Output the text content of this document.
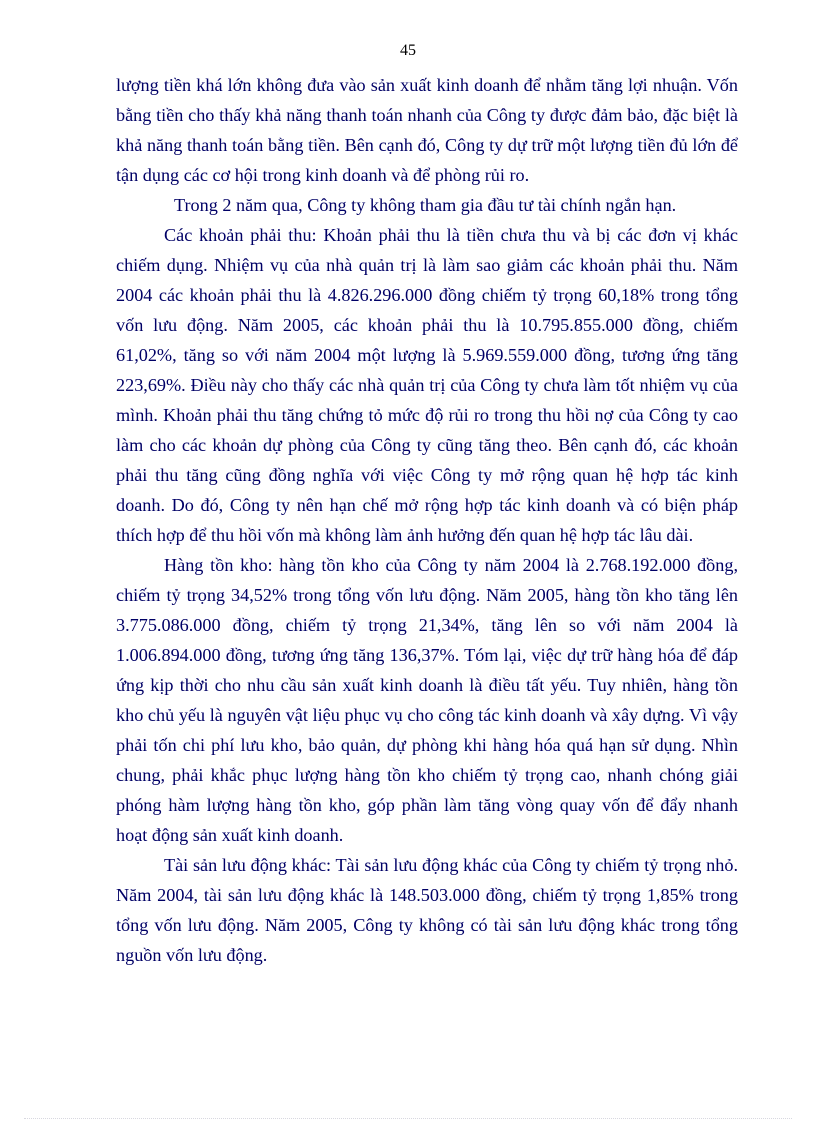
45

lượng tiền khá lớn không đưa vào sản xuất kinh doanh để nhằm tăng lợi nhuận. Vốn bằng tiền cho thấy khả năng thanh toán nhanh của Công ty được đảm bảo, đặc biệt là khả năng thanh toán bằng tiền. Bên cạnh đó, Công ty dự trữ một lượng tiền đủ lớn để tận dụng các cơ hội trong kinh doanh và để phòng rủi ro.

Trong 2 năm qua, Công ty không tham gia đầu tư tài chính ngắn hạn.

Các khoản phải thu: Khoản phải thu là tiền chưa thu và bị các đơn vị khác chiếm dụng. Nhiệm vụ của nhà quản trị là làm sao giảm các khoản phải thu. Năm 2004 các khoản phải thu là 4.826.296.000 đồng chiếm tỷ trọng 60,18% trong tổng vốn lưu động. Năm 2005, các khoản phải thu là 10.795.855.000 đồng, chiếm 61,02%, tăng so với năm 2004 một lượng là 5.969.559.000 đồng, tương ứng tăng 223,69%. Điều này cho thấy các nhà quản trị của Công ty chưa làm tốt nhiệm vụ của mình. Khoản phải thu tăng chứng tỏ mức độ rủi ro trong thu hồi nợ của Công ty cao làm cho các khoản dự phòng của Công ty cũng tăng theo. Bên cạnh đó, các khoản phải thu tăng cũng đồng nghĩa với việc Công ty mở rộng quan hệ hợp tác kinh doanh. Do đó, Công ty nên hạn chế mở rộng hợp tác kinh doanh và có biện pháp thích hợp để thu hồi vốn mà không làm ảnh hưởng đến quan hệ hợp tác lâu dài.

Hàng tồn kho: hàng tồn kho của Công ty năm 2004 là 2.768.192.000 đồng, chiếm tỷ trọng 34,52% trong tổng vốn lưu động. Năm 2005, hàng tồn kho tăng lên 3.775.086.000 đồng, chiếm tỷ trọng 21,34%, tăng lên so với năm 2004 là 1.006.894.000 đồng, tương ứng tăng 136,37%. Tóm lại, việc dự trữ hàng hóa để đáp ứng kịp thời cho nhu cầu sản xuất kinh doanh là điều tất yếu. Tuy nhiên, hàng tồn kho chủ yếu là nguyên vật liệu phục vụ cho công tác kinh doanh và xây dựng. Vì vậy phải tốn chi phí lưu kho, bảo quản, dự phòng khi hàng hóa quá hạn sử dụng. Nhìn chung, phải khắc phục lượng hàng tồn kho chiếm tỷ trọng cao, nhanh chóng giải phóng hàm lượng hàng tồn kho, góp phần làm tăng vòng quay vốn để đẩy nhanh hoạt động sản xuất kinh doanh.

Tài sản lưu động khác: Tài sản lưu động khác của Công ty chiếm tỷ trọng nhỏ. Năm 2004, tài sản lưu động khác là 148.503.000 đồng, chiếm tỷ trọng 1,85% trong tổng vốn lưu động. Năm 2005, Công ty không có tài sản lưu động khác trong tổng nguồn vốn lưu động.
